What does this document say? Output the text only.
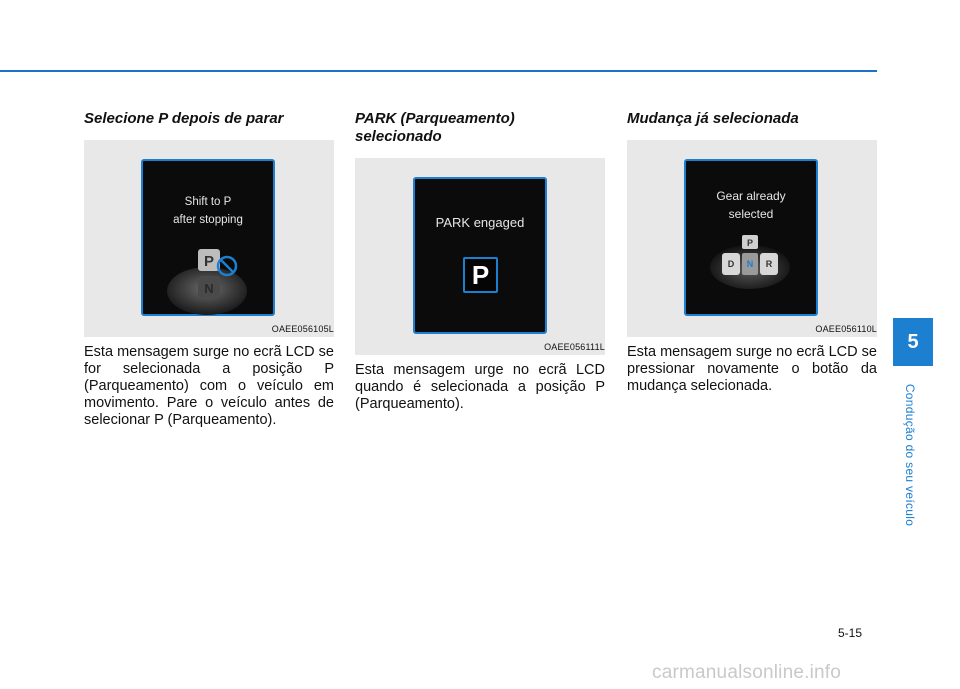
Selecione P depois de parar
Shift to P
after stopping
P
N
OAEE056105L
Esta mensagem surge no ecrã LCD se for selecionada a posição P (Parqueamento) com o veículo em movimento. Pare o veículo antes de selecionar P (Parqueamento).
PARK (Parqueamento) selecionado
PARK engaged
P
OAEE056111L
Esta mensagem urge no ecrã LCD quando é selecionada a posição P (Parqueamento).
Mudança já selecionada
Gear already
selected
P
D N R
OAEE056110L
Esta mensagem surge no ecrã LCD se pressionar novamente o botão da mudança selecionada.
5
Condução do seu veículo
5-15
carmanualsonline.info
